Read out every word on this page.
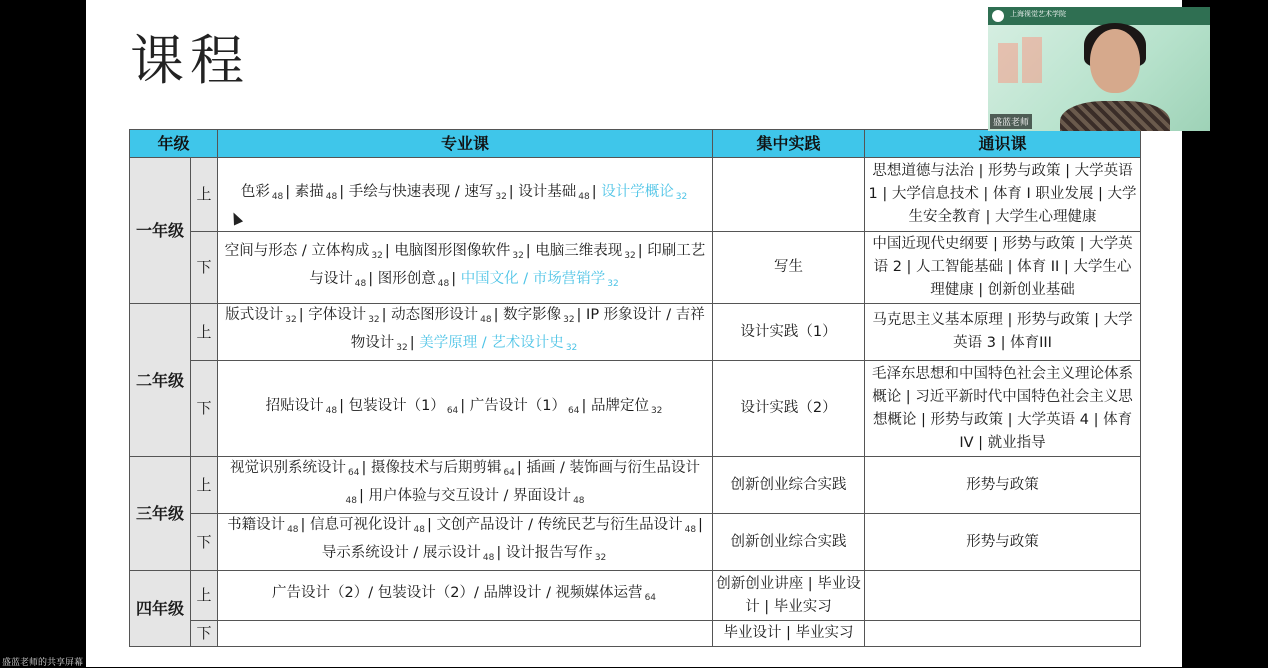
课程
年级		专业课	集中实践	通识课
一年级	上	色彩 $_{48}$ | 素描 $_{48}$ | 手绘与快速表现 / 速写 $_{32}$ | 设计基础 $_{48}$ | 设计学概论 $_{32}$		思想道德与法治 | 形势与政策 | 大学英语 1 | 大学信息技术 | 体育 I 职业发展 | 大学生安全教育 | 大学生心理健康
	下	空间与形态 / 立体构成 $_{32}$ | 电脑图形图像软件 $_{32}$ | 电脑三维表现 $_{32}$ | 印刷工艺与设计 $_{48}$ | 图形创意 $_{48}$ | 中国文化 / 市场营销学 $_{32}$	写生	中国近现代史纲要 | 形势与政策 | 大学英语 2 | 人工智能基础 | 体育 II | 大学生心理健康 | 创新创业基础
二年级	上	版式设计 $_{32}$ | 字体设计 $_{32}$ | 动态图形设计 $_{48}$ | 数字影像 $_{32}$ | IP 形象设计 / 吉祥物设计 $_{32}$ | 美学原理 / 艺术设计史 $_{32}$	设计实践（1）	马克思主义基本原理 | 形势与政策 | 大学英语 3 | 体育III
	下	招贴设计 $_{48}$ | 包装设计（1） $_{64}$ | 广告设计（1） $_{64}$ | 品牌定位 $_{32}$	设计实践（2）	毛泽东思想和中国特色社会主义理论体系概论 | 习近平新时代中国特色社会主义思想概论 | 形势与政策 | 大学英语 4 | 体育IV | 就业指导
三年级	上	视觉识别系统设计 $_{64}$ | 摄像技术与后期剪辑 $_{64}$ | 插画 / 装饰画与衍生品设计$_{48}$ | 用户体验与交互设计 / 界面设计 $_{48}$	创新创业综合实践	形势与政策
	下	书籍设计 $_{48}$ | 信息可视化设计 $_{48}$ | 文创产品设计 / 传统民艺与衍生品设计 $_{48}$ | 导示系统设计 / 展示设计 $_{48}$ | 设计报告写作 $_{32}$	创新创业综合实践	形势与政策
四年级	上	广告设计（2）/ 包装设计（2）/ 品牌设计 / 视频媒体运营 $_{64}$	创新创业讲座 | 毕业设计 | 毕业实习	
	下		毕业设计 | 毕业实习	
上海视觉艺术学院
盛蓝老师
盛蓝老师的共享屏幕
